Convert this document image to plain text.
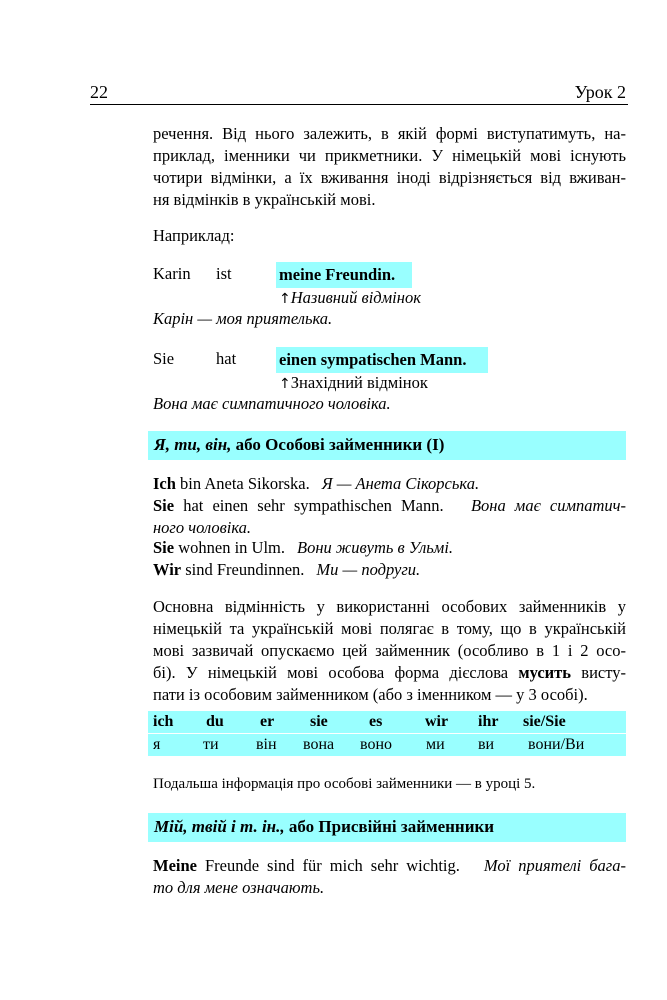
22	Урок 2

речення. Від нього залежить, в якій формі виступатимуть, на-

приклад, іменники чи прикметники. У німецькій мові існують

чотири відмінки, а їх вживання іноді відрізняється від вживан-

ня відмінків в українській мові.

Наприклад:
Karin ist	meine Freundin.
↑Називний відмінок
Карін — моя приятелька.
Sie	hat	einen sympatischen Mann.
↑Знахідний відмінок
Вона має симпатичного чоловіка.
Я, ти, він, або Особові займенники (І)
Ich bin Aneta Sikorska. Я — Анета Сікорська.

Sie hat einen sehr sympathischen Mann. Вона має симпатич-

ного чоловіка.

Sie wohnen in Ulm. Вони живуть в Ульмі.
Wir sind Freundinnen. Ми — подруги.

Основна відмінність у використанні особових займенників у

німецькій та українській мові полягає в тому, що в українській

мові зазвичай опускаємо цей займенник (особливо в 1 і 2 осо-

бі). У німецькій мові особова форма дієслова мусить висту-

пати із особовим займенником (або з іменником — у 3 особі).

ich du er sie	es	wir ihr sie/Sie
я	ти він вона воно ми ви вони/Ви
Подальша інформація про особові займенники — в уроці 5.
Мій, твій і т. ін., або Присвійні займенники

Meine Freunde sind für mich sehr wichtig. Мої приятелі бага-

то для мене означають.
